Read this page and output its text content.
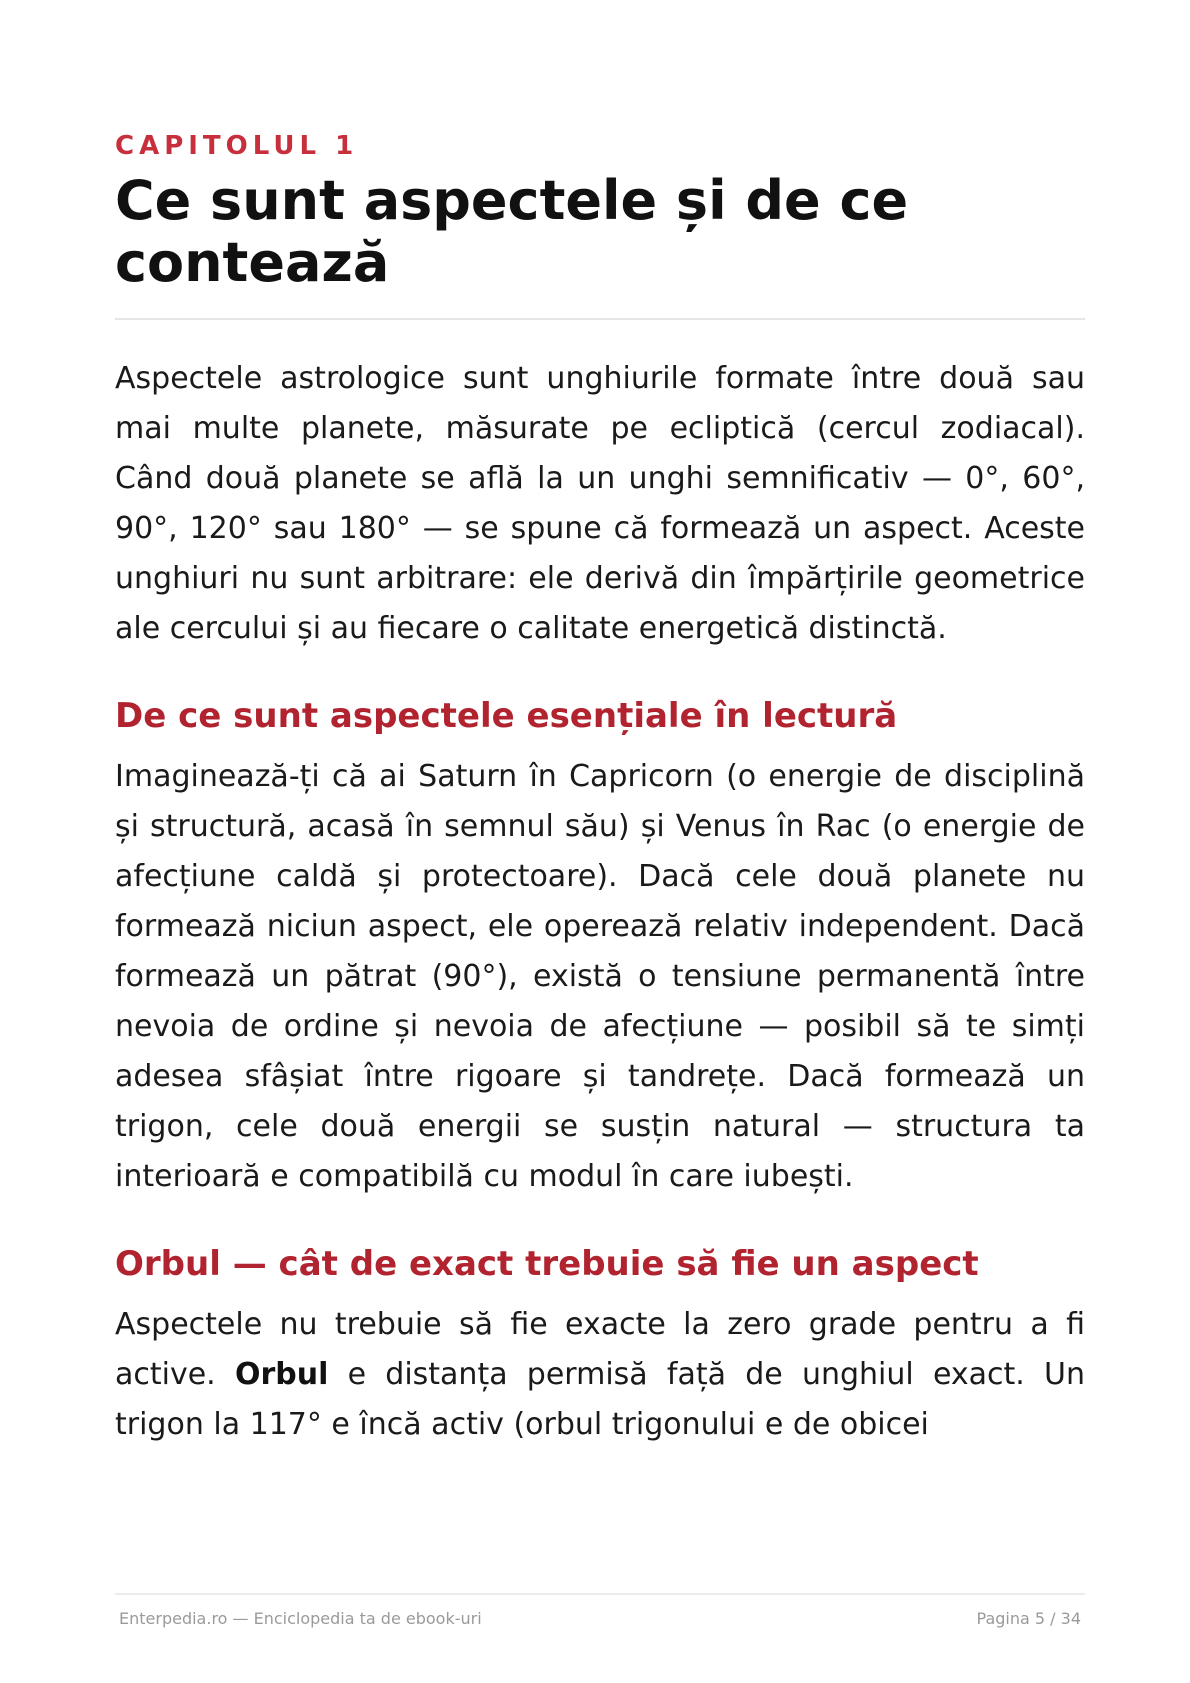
CAPITOLUL 1
Ce sunt aspectele și de ce contează

Aspectele astrologice sunt unghiurile formate între două sau mai multe planete, măsurate pe ecliptică (cercul zodiacal). Când două planete se află la un unghi semnificativ — 0°, 60°, 90°, 120° sau 180° — se spune că formează un aspect. Aceste unghiuri nu sunt arbitrare: ele derivă din împărțirile geometrice ale cercului și au fiecare o calitate energetică distinctă.

De ce sunt aspectele esențiale în lectură

Imaginează-ți că ai Saturn în Capricorn (o energie de disciplină și structură, acasă în semnul său) și Venus în Rac (o energie de afecțiune caldă și protectoare). Dacă cele două planete nu formează niciun aspect, ele operează relativ independent. Dacă formează un pătrat (90°), există o tensiune permanentă între nevoia de ordine și nevoia de afecțiune — posibil să te simți adesea sfâșiat între rigoare și tandrețe. Dacă formează un trigon, cele două energii se susțin natural — structura ta interioară e compatibilă cu modul în care iubești.

Orbul — cât de exact trebuie să fie un aspect

Aspectele nu trebuie să fie exacte la zero grade pentru a fi active. Orbul e distanța permisă față de unghiul exact. Un trigon la 117° e încă activ (orbul trigonului e de obicei

Enterpedia.ro — Enciclopedia ta de ebook-uri	Pagina 5 / 34
